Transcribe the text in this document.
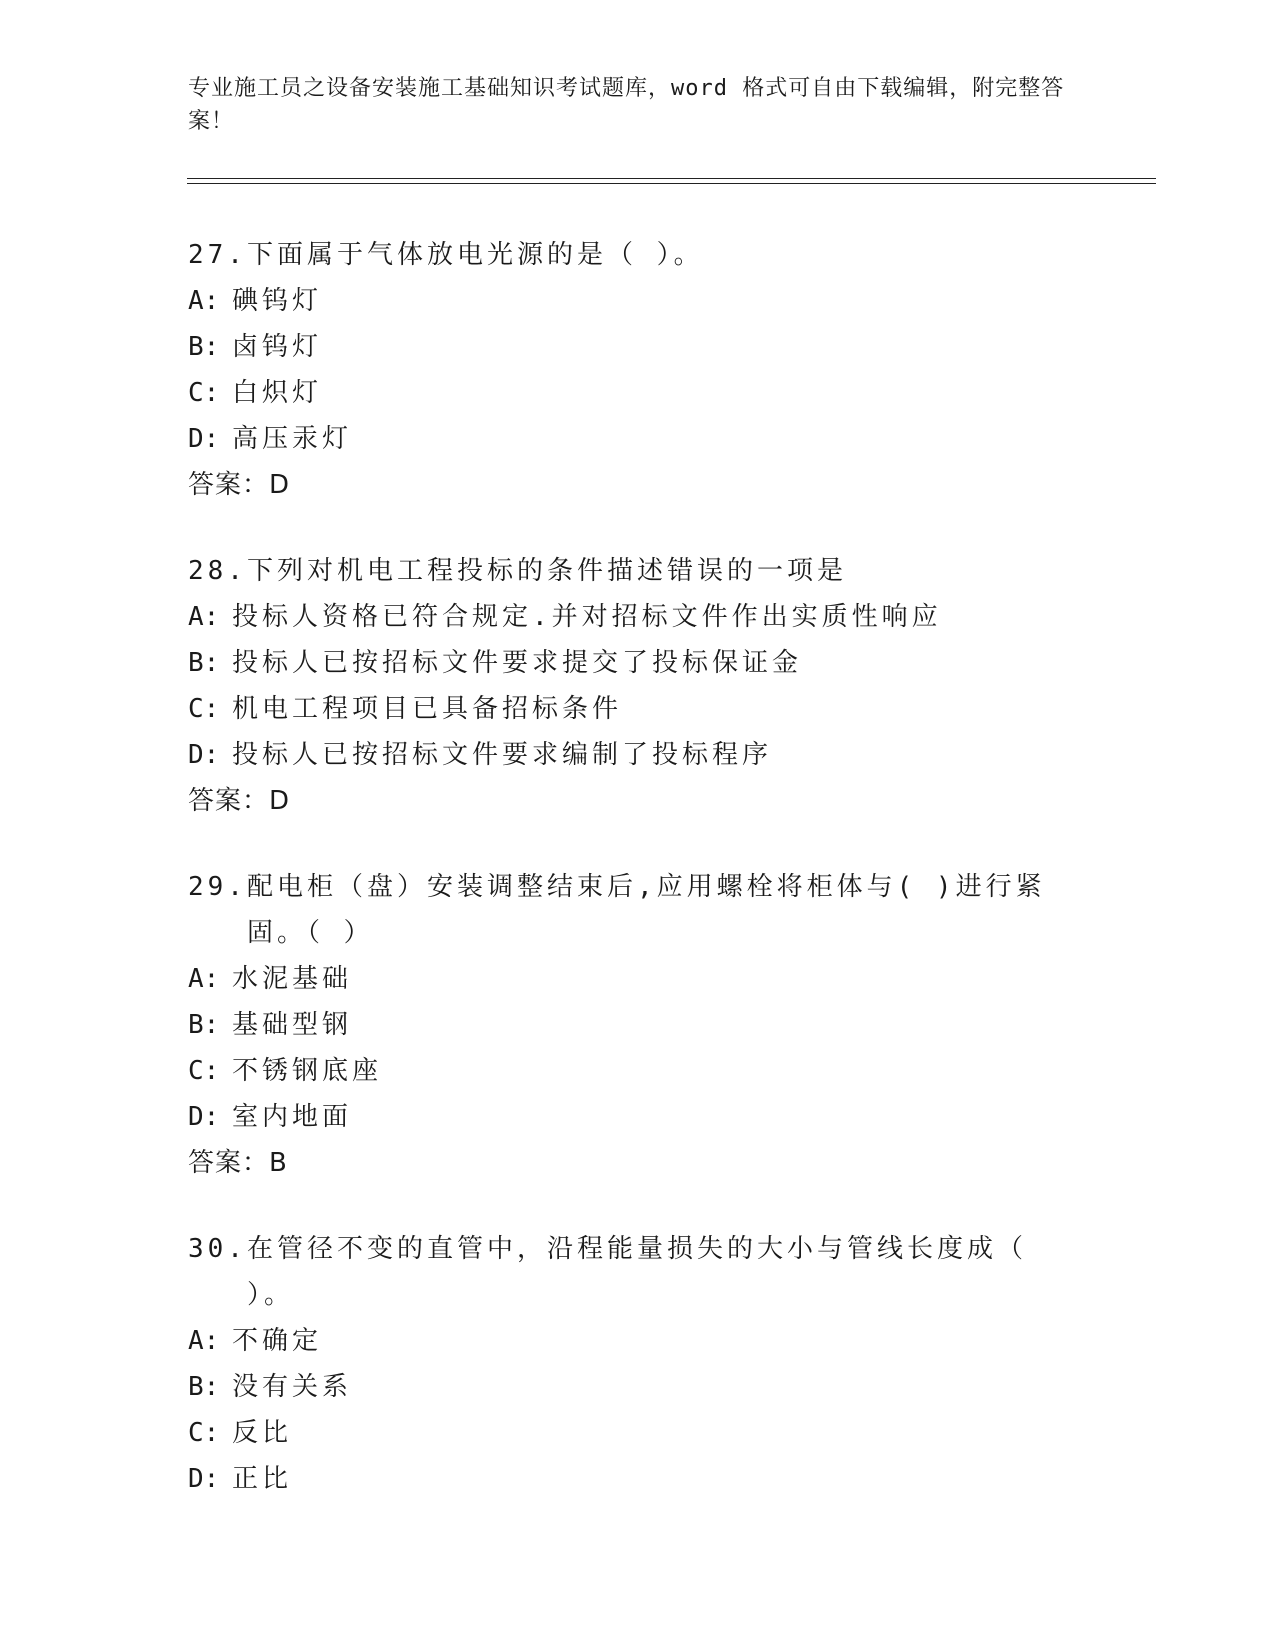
专业施工员之设备安装施工基础知识考试题库，word 格式可自由下载编辑，附完整答案！
27. 下面属于气体放电光源的是（ ）。
A: 碘钨灯
B: 卤钨灯
C: 白炽灯
D: 高压汞灯
答案：D
28. 下列对机电工程投标的条件描述错误的一项是
A: 投标人资格已符合规定.并对招标文件作出实质性响应
B: 投标人已按招标文件要求提交了投标保证金
C: 机电工程项目已具备招标条件
D: 投标人已按招标文件要求编制了投标程序
答案：D
29. 配电柜（盘）安装调整结束后,应用螺栓将柜体与( )进行紧固。（ ）
A: 水泥基础
B: 基础型钢
C: 不锈钢底座
D: 室内地面
答案：B
30. 在管径不变的直管中，沿程能量损失的大小与管线长度成（ ）。
A: 不确定
B: 没有关系
C: 反比
D: 正比
